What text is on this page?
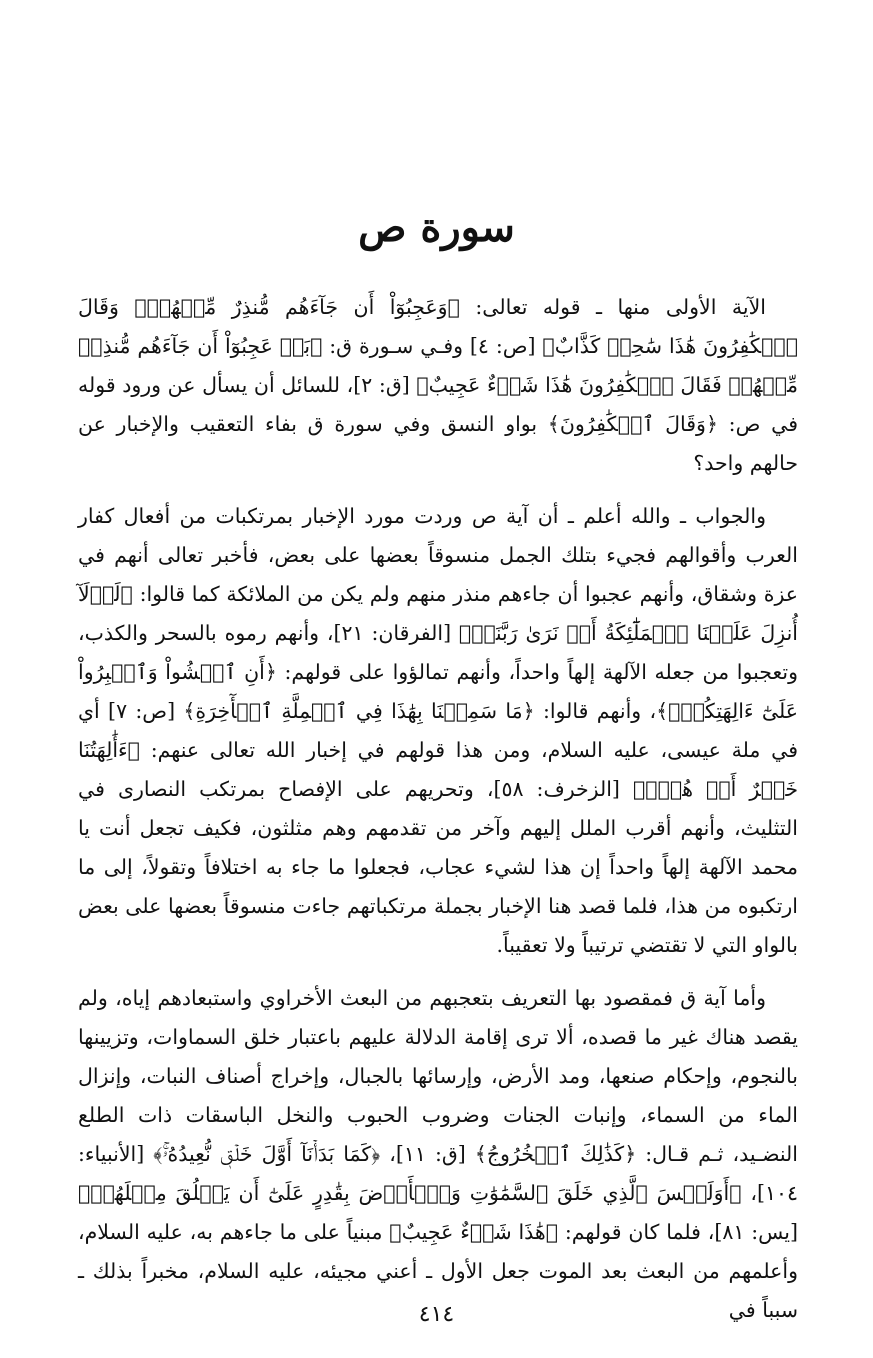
سورة ص

الآية الأولى منها ـ قوله تعالى: ﴿وَعَجِبُوٓاْ أَن جَآءَهُم مُّنذِرٌ مِّنۡهُمۡۖ وَقَالَ ٱلۡكَٰفِرُونَ هَٰذَا سَٰحِرٞ كَذَّابٌ﴾ [ص: ٤] وفـي سـورة ق: ﴿بَلۡ عَجِبُوٓاْ أَن جَآءَهُم مُّنذِرٞ مِّنۡهُمۡ فَقَالَ ٱلۡكَٰفِرُونَ هَٰذَا شَيۡءٌ عَجِيبٌ﴾ [ق: ٢]، للسائل أن يسأل عن ورود قوله في ص: ﴿وَقَالَ ٱلۡكَٰفِرُونَ﴾ بواو النسق وفي سورة ق بفاء التعقيب والإخبار عن حالهم واحد؟

والجواب ـ والله أعلم ـ أن آية ص وردت مورد الإخبار بمرتكبات من أفعال كفار العرب وأقوالهم فجيء بتلك الجمل منسوقاً بعضها على بعض، فأخبر تعالى أنهم في عزة وشقاق، وأنهم عجبوا أن جاءهم منذر منهم ولم يكن من الملائكة كما قالوا: ﴿لَوۡلَآ أُنزِلَ عَلَيۡنَا ٱلۡمَلَٰٓئِكَةُ أَوۡ نَرَىٰ رَبَّنَاۗ﴾ [الفرقان: ٢١]، وأنهم رموه بالسحر والكذب، وتعجبوا من جعله الآلهة إلهاً واحداً، وأنهم تمالؤوا على قولهم: ﴿أَنِ ٱمۡشُواْ وَٱصۡبِرُواْ عَلَىٰٓ ءَالِهَتِكُمۡۖ﴾، وأنهم قالوا: ﴿مَا سَمِعۡنَا بِهَٰذَا فِي ٱلۡمِلَّةِ ٱلۡأٓخِرَةِ﴾ [ص: ٧] أي في ملة عيسى، عليه السلام، ومن هذا قولهم في إخبار الله تعالى عنهم: ﴿ءَأَٰلِهَتُنَا خَيۡرٌ أَمۡ هُوَۚ﴾ [الزخرف: ٥٨]، وتحريهم على الإفصاح بمرتكب النصارى في التثليث، وأنهم أقرب الملل إليهم وآخر من تقدمهم وهم مثلثون، فكيف تجعل أنت يا محمد الآلهة إلهاً واحداً إن هذا لشيء عجاب، فجعلوا ما جاء به اختلافاً وتقولاً، إلى ما ارتكبوه من هذا، فلما قصد هنا الإخبار بجملة مرتكباتهم جاءت منسوقاً بعضها على بعض بالواو التي لا تقتضي ترتيباً ولا تعقيباً.

وأما آية ق فمقصود بها التعريف بتعجبهم من البعث الأخراوي واستبعادهم إياه، ولم يقصد هناك غير ما قصده، ألا ترى إقامة الدلالة عليهم باعتبار خلق السماوات، وتزيينها بالنجوم، وإحكام صنعها، ومد الأرض، وإرسائها بالجبال، وإخراج أصناف النبات، وإنزال الماء من السماء، وإنبات الجنات وضروب الحبوب والنخل الباسقات ذات الطلع النضـيد، ثـم قـال: ﴿كَذَٰلِكَ ٱلۡخُرُوجُ﴾ [ق: ١١]، ﴿كَمَا بَدَأۡنَآ أَوَّلَ خَلۡقٖ نُّعِيدُهُۥۚ﴾ [الأنبياء: ١٠٤]، ﴿أَوَلَيۡسَ ٱلَّذِي خَلَقَ ٱلسَّمَٰوَٰتِ وَٱلۡأَرۡضَ بِقَٰدِرٍ عَلَىٰٓ أَن يَخۡلُقَ مِثۡلَهُمۚ﴾ [يس: ٨١]، فلما كان قولهم: ﴿هَٰذَا شَيۡءٌ عَجِيبٌ﴾ مبنياً على ما جاءهم به، عليه السلام، وأعلمهم من البعث بعد الموت جعل الأول ـ أعني مجيئه، عليه السلام، مخبراً بذلك ـ سبباً في

٤١٤
